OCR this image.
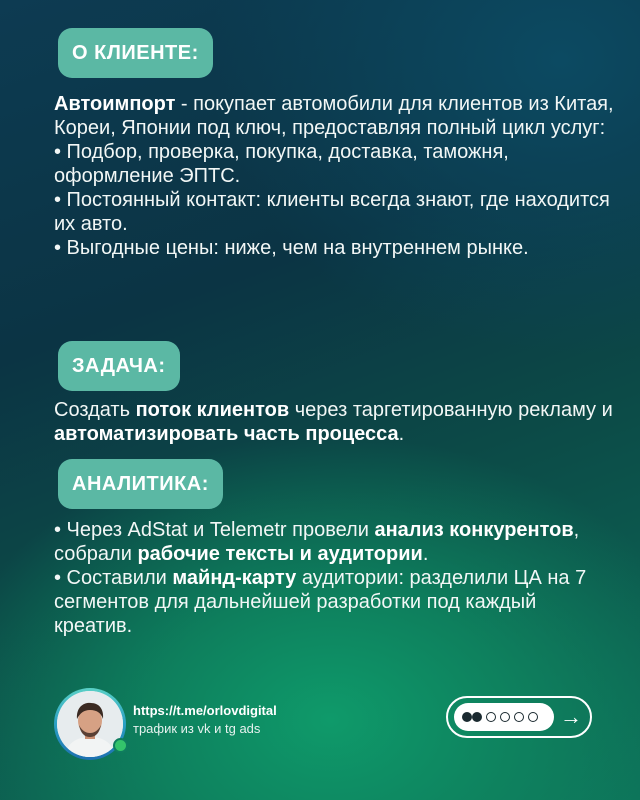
О КЛИЕНТЕ:

Автоимпорт - покупает автомобили для клиентов из Китая, Кореи, Японии под ключ, предоставляя полный цикл услуг:

• Подбор, проверка, покупка, доставка, таможня, оформление ЭПТС.

• Постоянный контакт: клиенты всегда знают, где находится их авто.

• Выгодные цены: ниже, чем на внутреннем рынке.

ЗАДАЧА:

Создать поток клиентов через таргетированную рекламу и автоматизировать часть процесса.

АНАЛИТИКА:

• Через AdStat и Telemetr провели анализ конкурентов, собрали рабочие тексты и аудитории.

• Составили майнд-карту аудитории: разделили ЦА на 7 сегментов для дальнейшей разработки под каждый креатив.

https://t.me/orlovdigital
трафик из vk и tg ads	→
